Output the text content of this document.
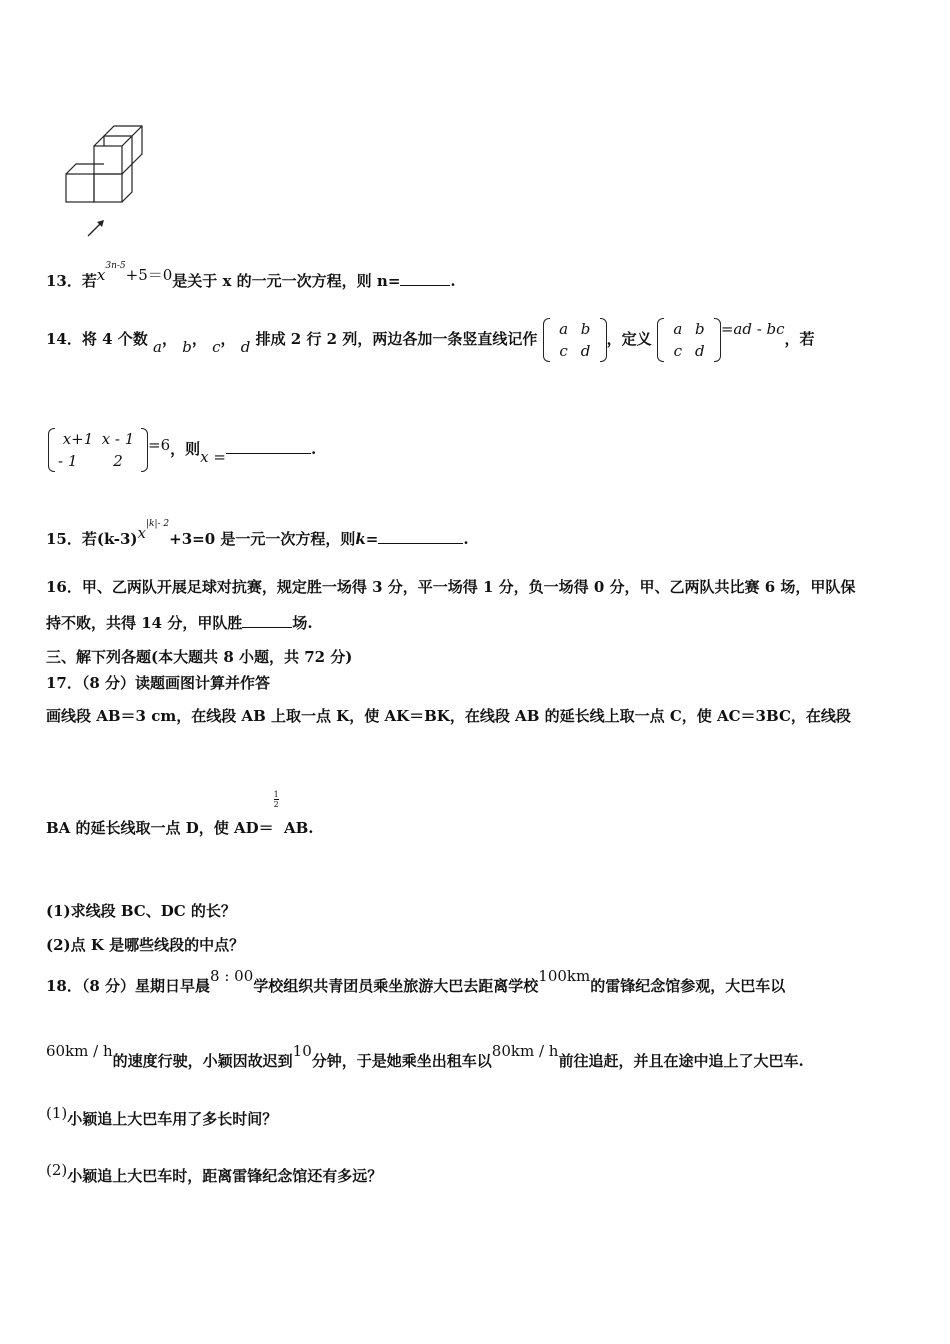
13．若$x^{3n-5}+5=0$是关于 x 的一元一次方程，则 n=	.
14．将 4 个数 a， b， c， d 排成 2 行 2 列，两边各加一条竖直线记作
a b
c d
，定义
a b
c d
=ad - bc，若
x+1 x - 1
- 1 2
=6，则x =	.
15．若$(k-3)x^{|k|- 2}+3=0$ 是一元一次方程，则k=	.
16．甲、乙两队开展足球对抗赛，规定胜一场得 3 分，平一场得 1 分，负一场得 0 分，甲、乙两队共比赛 6 场，甲队保
持不败，共得 14 分，甲队胜	场.
三、解下列各题(本大题共 8 小题，共 72 分)
17．（8 分）读题画图计算并作答
画线段 AB＝3 cm，在线段 AB 上取一点 K，使 AK＝BK，在线段 AB 的延长线上取一点 C，使 AC＝3BC，在线段
BA 的延长线取一点 D，使 AD＝
$\frac{1}{2}$ AB.
(1)求线段 BC、DC 的长？
(2)点 K 是哪些线段的中点？
18．（8 分）星期日早晨8 : 00学校组织共青团员乘坐旅游大巴去距离学校100km的雷锋纪念馆参观，大巴车以
60km / h的速度行驶，小颖因故迟到10分钟，于是她乘坐出租车以80km / h前往追赶，并且在途中追上了大巴车.
(1)小颖追上大巴车用了多长时间？
(2)小颖追上大巴车时，距离雷锋纪念馆还有多远？
